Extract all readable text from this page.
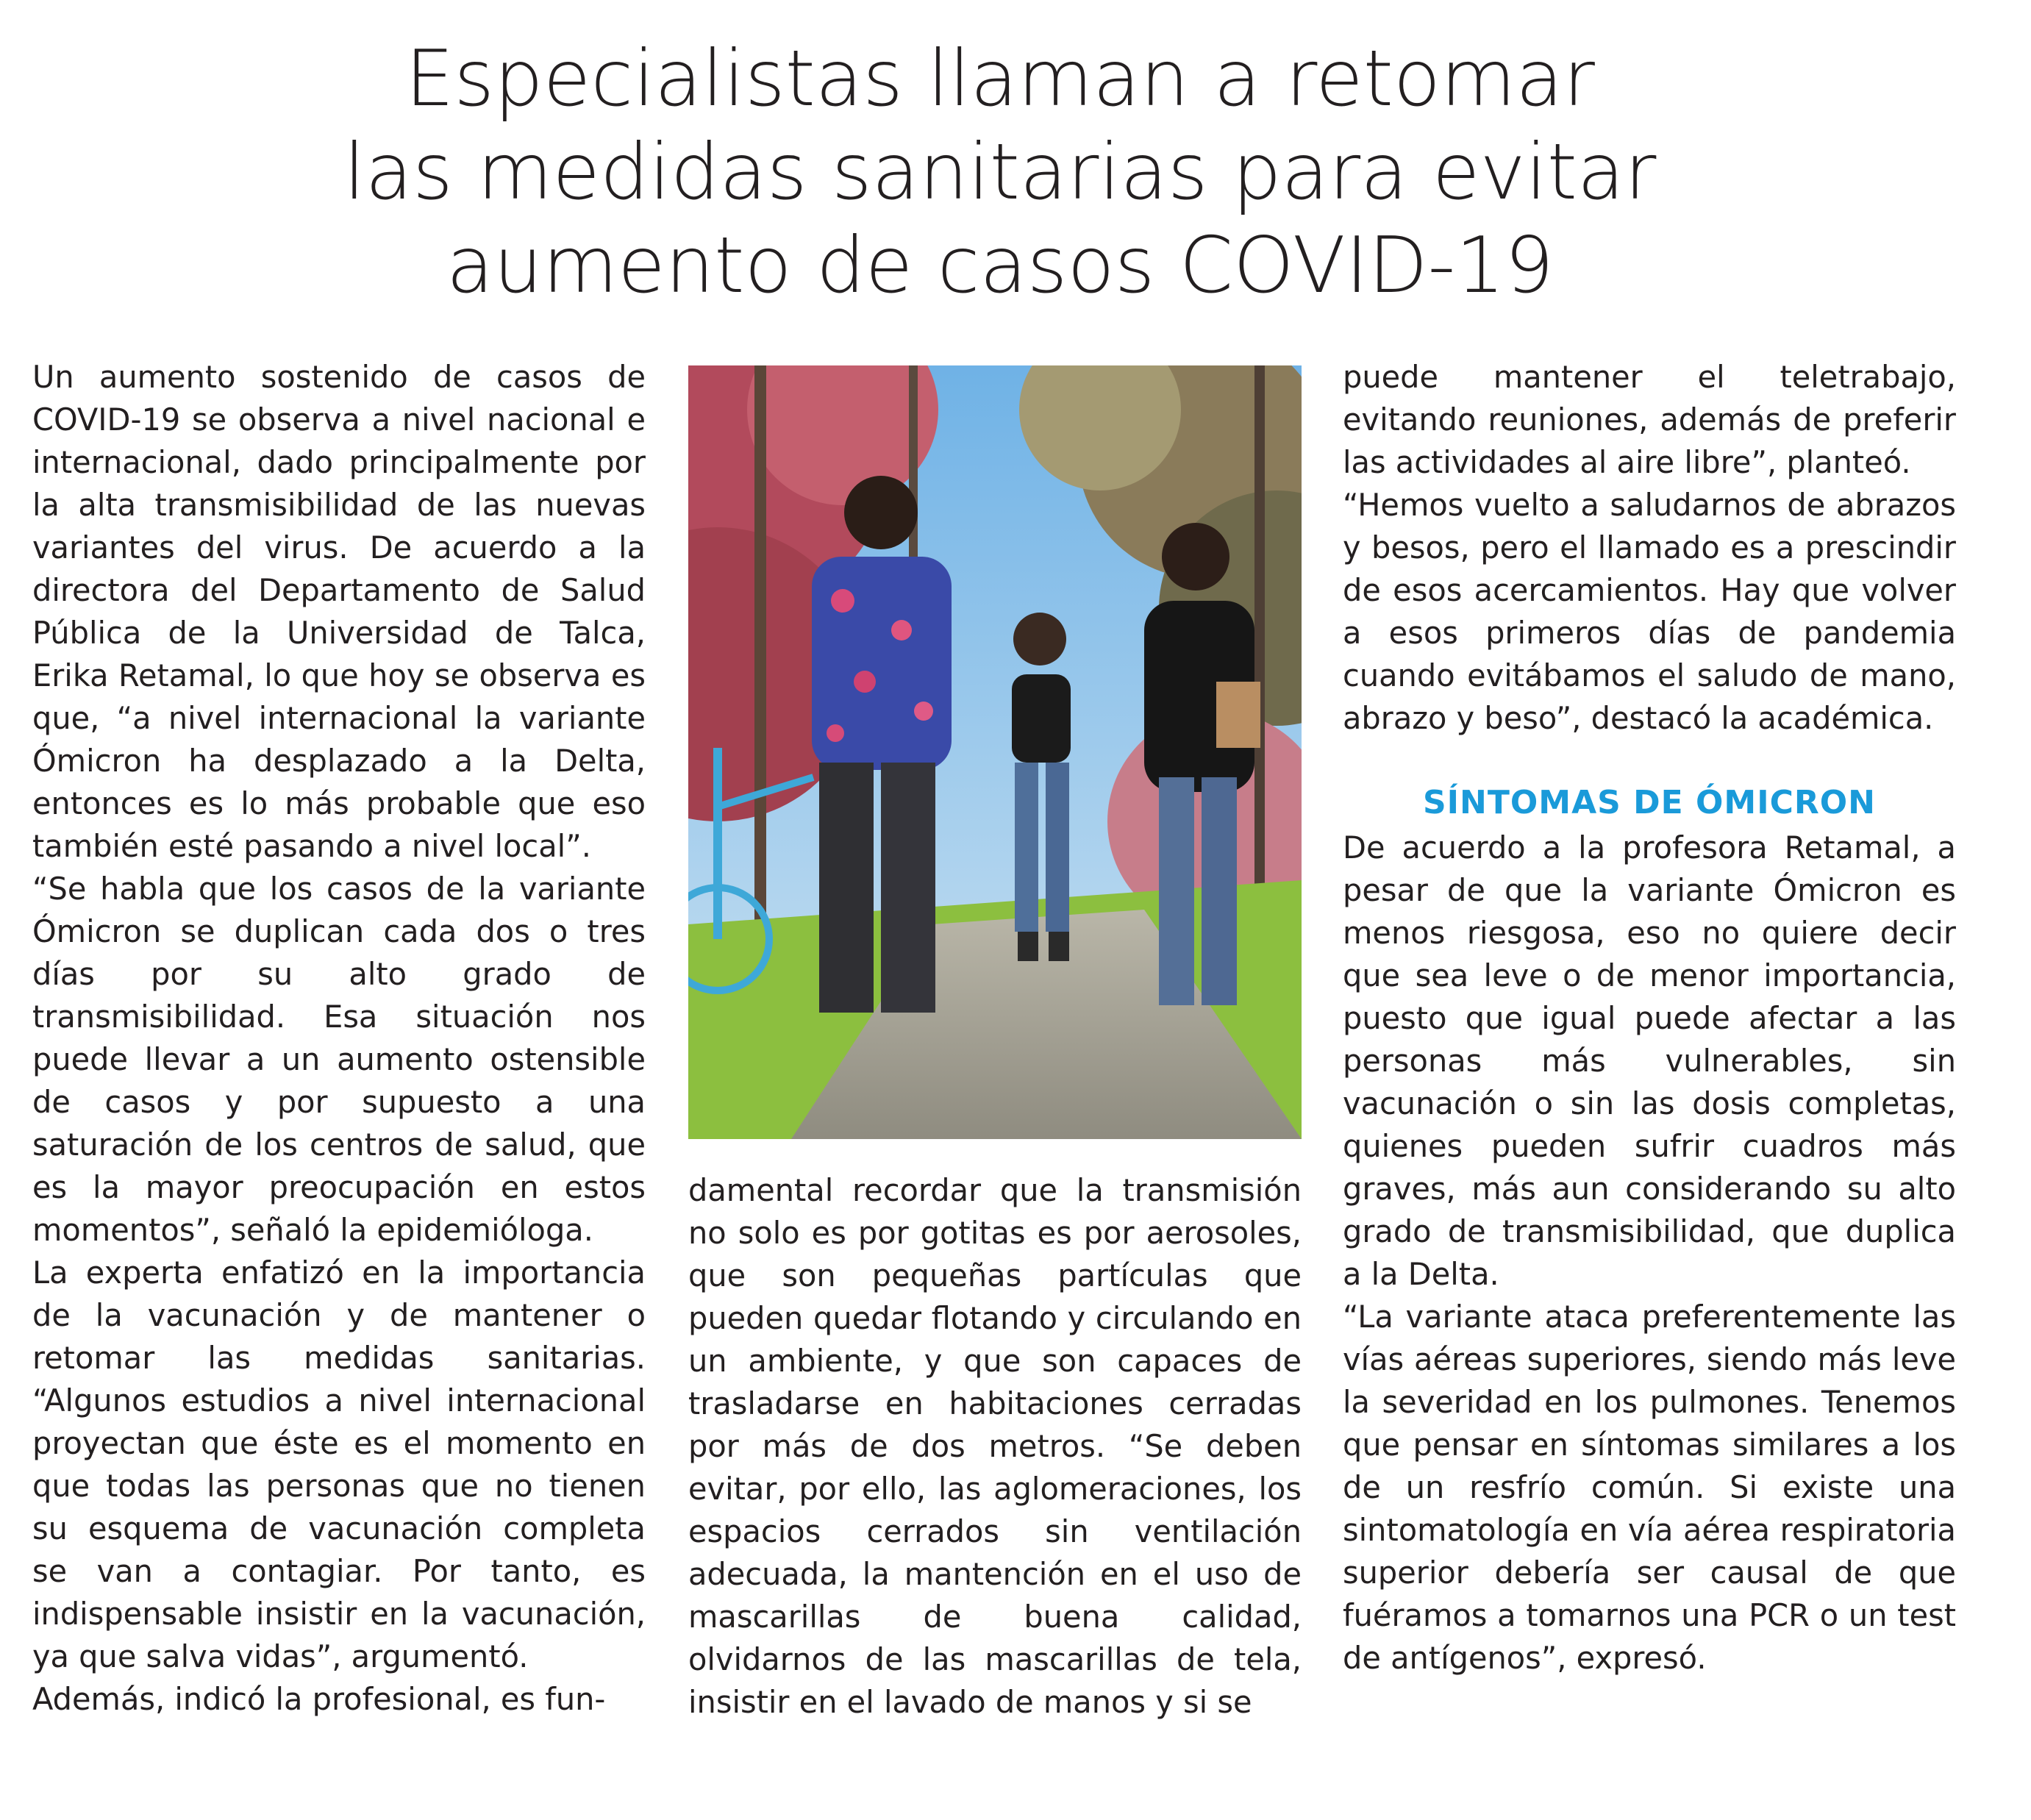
Especialistas llaman a retomar
las medidas sanitarias para evitar
aumento de casos COVID-19

Un aumento sostenido de casos de COVID-19 se observa a nivel nacional e internacional, dado principalmente por la alta transmisibilidad de las nuevas variantes del virus. De acuerdo a la directora del Departamento de Salud Pública de la Universidad de Talca, Erika Retamal, lo que hoy se observa es que, “a nivel internacional la variante Ómicron ha desplazado a la Delta, entonces es lo más probable que eso también esté pasando a nivel local”.

“Se habla que los casos de la variante Ómicron se duplican cada dos o tres días por su alto grado de transmisibilidad. Esa situación nos puede llevar a un aumento ostensible de casos y por supuesto a una saturación de los centros de salud, que es la mayor preocupación en estos momentos”, señaló la epidemióloga.

La experta enfatizó en la importancia de la vacunación y de mantener o retomar las medidas sanitarias. “Algunos estudios a nivel internacional proyectan que éste es el momento en que todas las personas que no tienen su esquema de vacunación completa se van a contagiar. Por tanto, es indispensable insistir en la vacunación, ya que salva vidas”, argumentó.

Además, indicó la profesional, es fun-

damental recordar que la transmisión no solo es por gotitas es por aerosoles, que son pequeñas partículas que pueden quedar flotando y circulando en un ambiente, y que son capaces de trasladarse en habitaciones cerradas por más de dos metros. “Se deben evitar, por ello, las aglomeraciones, los espacios cerrados sin ventilación adecuada, la mantención en el uso de mascarillas de buena calidad, olvidarnos de las mascarillas de tela, insistir en el lavado de manos y si se

puede mantener el teletrabajo, evitando reuniones, además de preferir las actividades al aire libre”, planteó.

“Hemos vuelto a saludarnos de abrazos y besos, pero el llamado es a prescindir de esos acercamientos. Hay que volver a esos primeros días de pandemia cuando evitábamos el saludo de mano, abrazo y beso”, destacó la académica.

SÍNTOMAS DE ÓMICRON

De acuerdo a la profesora Retamal, a pesar de que la variante Ómicron es menos riesgosa, eso no quiere decir que sea leve o de menor importancia, puesto que igual puede afectar a las personas más vulnerables, sin vacunación o sin las dosis completas, quienes pueden sufrir cuadros más graves, más aun considerando su alto grado de transmisibilidad, que duplica a la Delta.

“La variante ataca preferentemente las vías aéreas superiores, siendo más leve la severidad en los pulmones. Tenemos que pensar en síntomas similares a los de un resfrío común. Si existe una sintomatología en vía aérea respiratoria superior debería ser causal de que fuéramos a tomarnos una PCR o un test de antígenos”, expresó.
